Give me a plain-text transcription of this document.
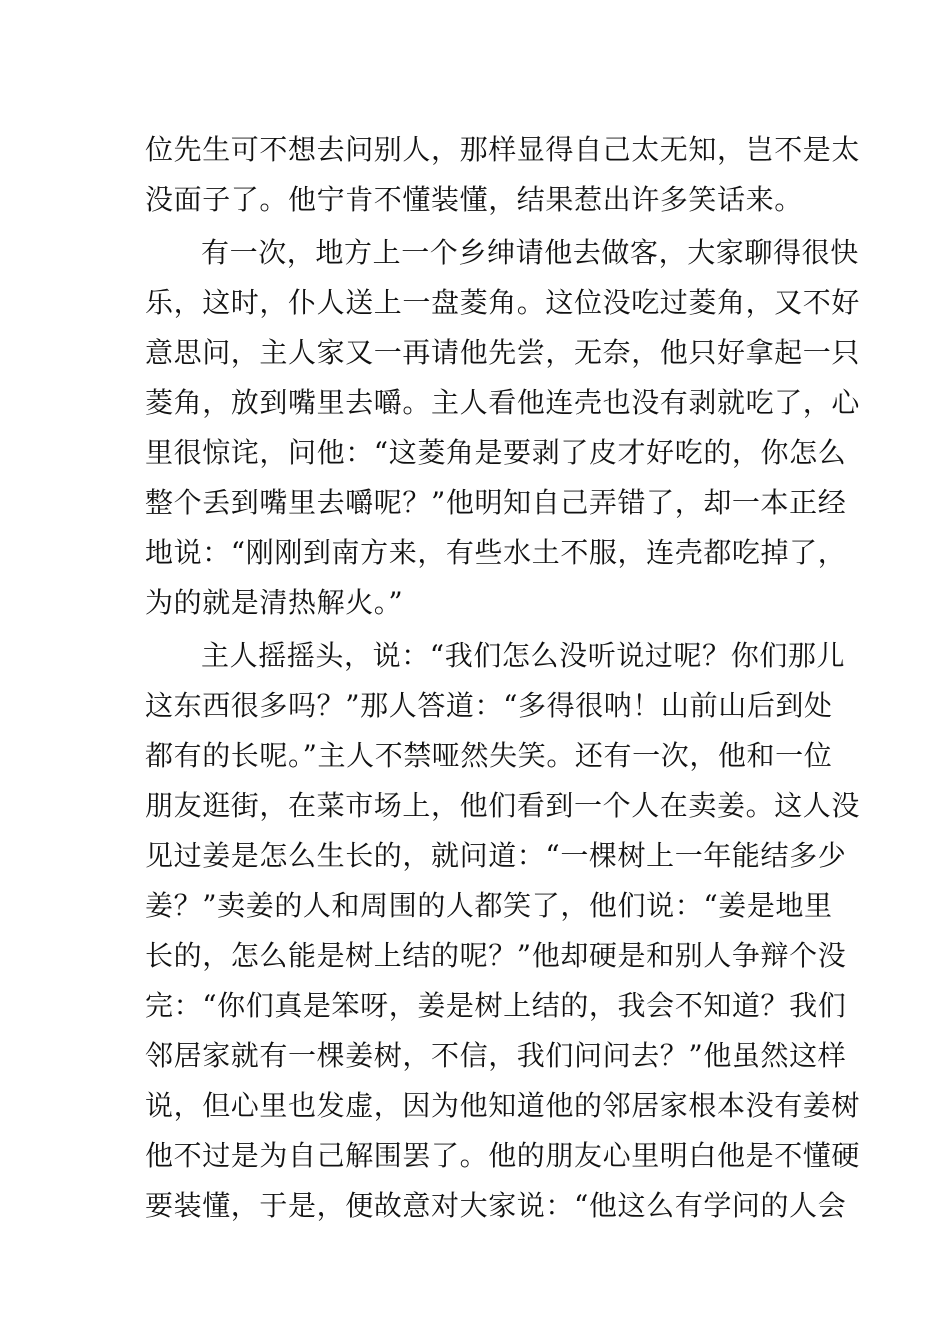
位先生可不想去问别人，那样显得自己太无知，岂不是太
没面子了。他宁肯不懂装懂，结果惹出许多笑话来。
有一次，地方上一个乡绅请他去做客，大家聊得很快
乐，这时，仆人送上一盘菱角。这位没吃过菱角，又不好
意思问，主人家又一再请他先尝，无奈，他只好拿起一只
菱角，放到嘴里去嚼。主人看他连壳也没有剥就吃了，心
里很惊诧，问他：“这菱角是要剥了皮才好吃的，你怎么
整个丢到嘴里去嚼呢？”他明知自己弄错了，却一本正经
地说：“刚刚到南方来，有些水土不服，连壳都吃掉了，
为的就是清热解火。”
主人摇摇头，说：“我们怎么没听说过呢？你们那儿
这东西很多吗？”那人答道：“多得很呐！山前山后到处
都有的长呢。”主人不禁哑然失笑。还有一次，他和一位
朋友逛街，在菜市场上，他们看到一个人在卖姜。这人没
见过姜是怎么生长的，就问道：“一棵树上一年能结多少
姜？”卖姜的人和周围的人都笑了，他们说：“姜是地里
长的，怎么能是树上结的呢？”他却硬是和别人争辩个没
完：“你们真是笨呀，姜是树上结的，我会不知道？我们
邻居家就有一棵姜树，不信，我们问问去？”他虽然这样
说，但心里也发虚，因为他知道他的邻居家根本没有姜树
他不过是为自己解围罢了。他的朋友心里明白他是不懂硬
要装懂，于是，便故意对大家说：“他这么有学问的人会
